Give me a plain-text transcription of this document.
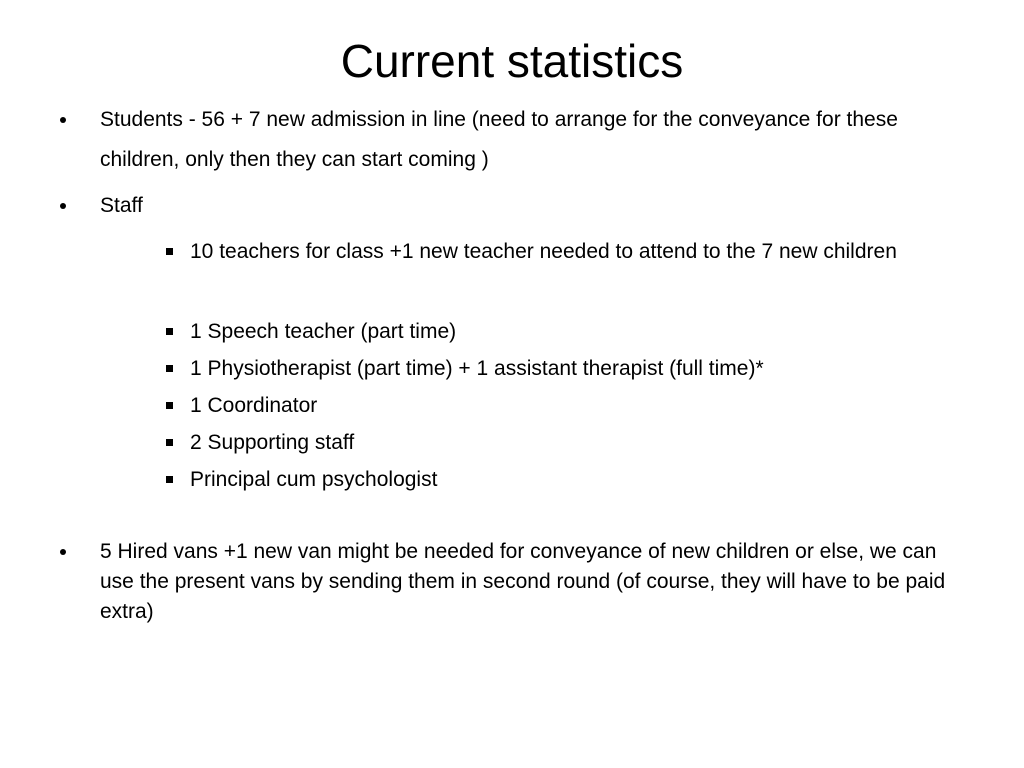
Current statistics
Students - 56 + 7 new admission in line (need to arrange for the conveyance for these children, only then they can start coming )
Staff
10 teachers for class +1 new teacher needed to attend to the 7 new children
1 Speech teacher (part time)
1 Physiotherapist (part time) + 1 assistant therapist (full time)*
1 Coordinator
2 Supporting staff
Principal cum psychologist
5 Hired vans +1 new van might be needed for conveyance of new children or else, we can use the present vans by sending them in second round (of course, they will have to be paid extra)
